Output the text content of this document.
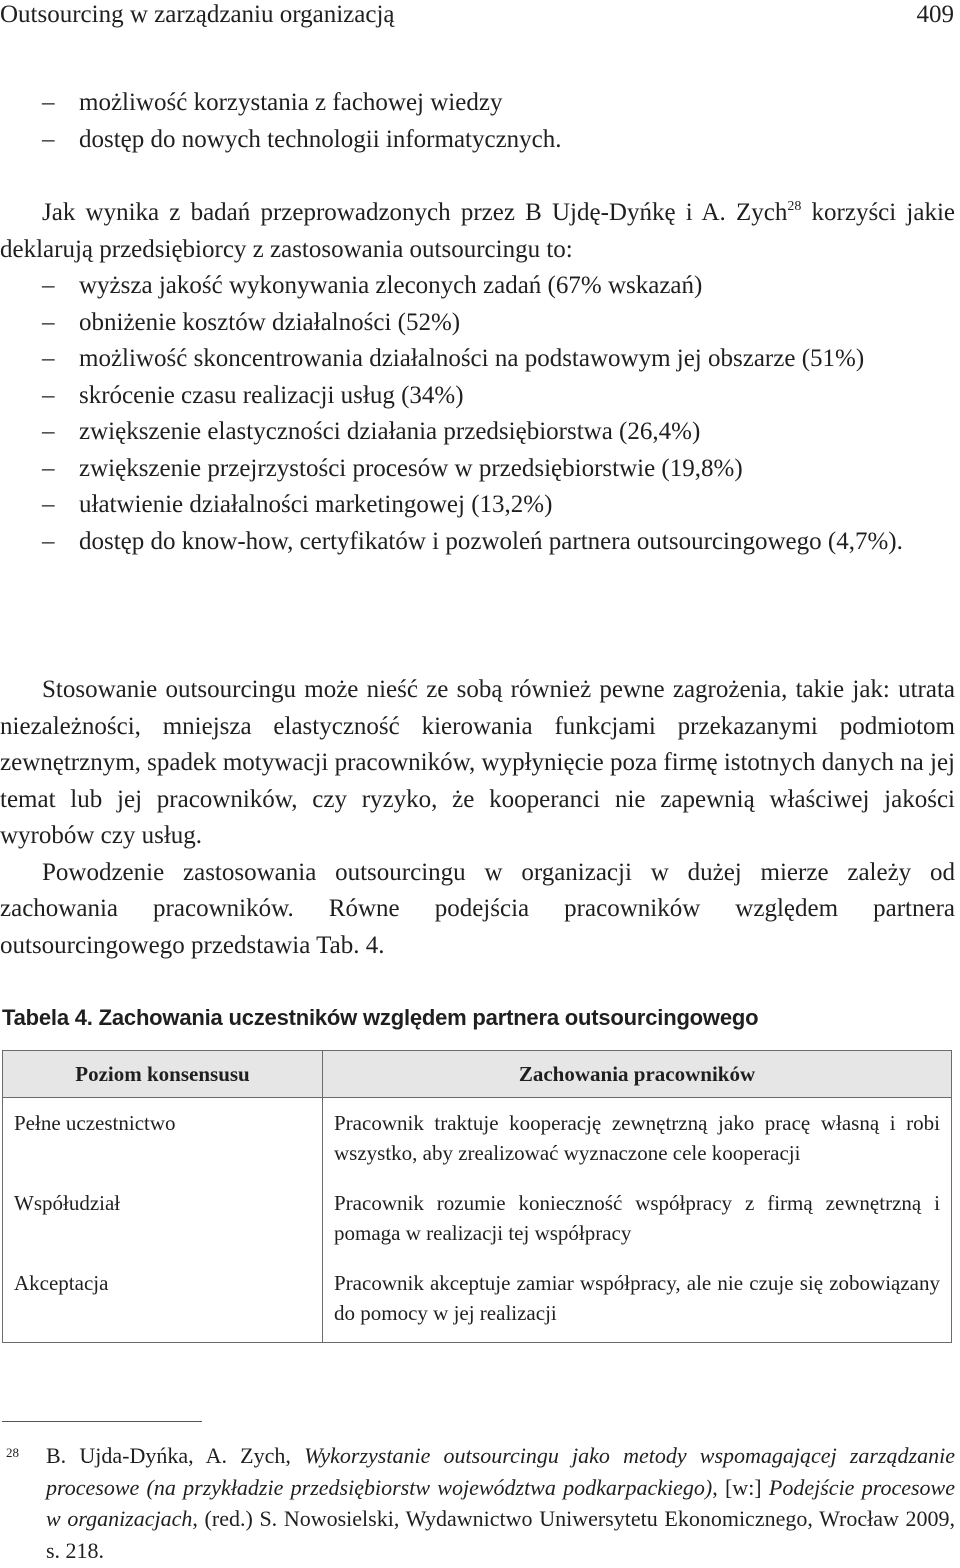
Outsourcing w zarządzaniu organizacją	409
– możliwość korzystania z fachowej wiedzy
– dostęp do nowych technologii informatycznych.

Jak wynika z badań przeprowadzonych przez B Ujdę-Dyńkę i A. Zych$^{28}$ korzyści jakie deklarują przedsiębiorcy z zastosowania outsourcingu to:

– wyższa jakość wykonywania zleconych zadań (67% wskazań)
– obniżenie kosztów działalności (52%)
– możliwość skoncentrowania działalności na podstawowym jej obszarze (51%)
– skrócenie czasu realizacji usług (34%)
– zwiększenie elastyczności działania przedsiębiorstwa (26,4%)
– zwiększenie przejrzystości procesów w przedsiębiorstwie (19,8%)
– ułatwienie działalności marketingowej (13,2%)
– dostęp do know-how, certyfikatów i pozwoleń partnera outsourcingowego (4,7%).

Stosowanie outsourcingu może nieść ze sobą również pewne zagrożenia, takie jak: utrata niezależności, mniejsza elastyczność kierowania funkcjami przekazanymi podmiotom zewnętrznym, spadek motywacji pracowników, wypłynięcie poza firmę istotnych danych na jej temat lub jej pracowników, czy ryzyko, że kooperanci nie zapewnią właściwej jakości wyrobów czy usług.

Powodzenie zastosowania outsourcingu w organizacji w dużej mierze zależy od zachowania pracowników. Równe podejścia pracowników względem partnera outsourcingowego przedstawia Tab. 4.

Tabela 4. Zachowania uczestników względem partnera outsourcingowego
Poziom konsensusu	Zachowania pracowników
Pełne uczestnictwo	Pracownik traktuje kooperację zewnętrzną jako pracę własną i robi wszystko, aby zrealizować wyznaczone cele kooperacji
Współudział	Pracownik rozumie konieczność współpracy z firmą zewnętrzną i pomaga w realizacji tej współpracy
Akceptacja	Pracownik akceptuje zamiar współpracy, ale nie czuje się zobowiązany do pomocy w jej realizacji
28	B. Ujda-Dyńka, A. Zych, Wykorzystanie outsourcingu jako metody wspomagającej zarządzanie procesowe (na przykładzie przedsiębiorstw województwa podkarpackiego), [w:] Podejście procesowe w organizacjach, (red.) S. Nowosielski, Wydawnictwo Uniwersytetu Ekonomicznego, Wrocław 2009, s. 218.
